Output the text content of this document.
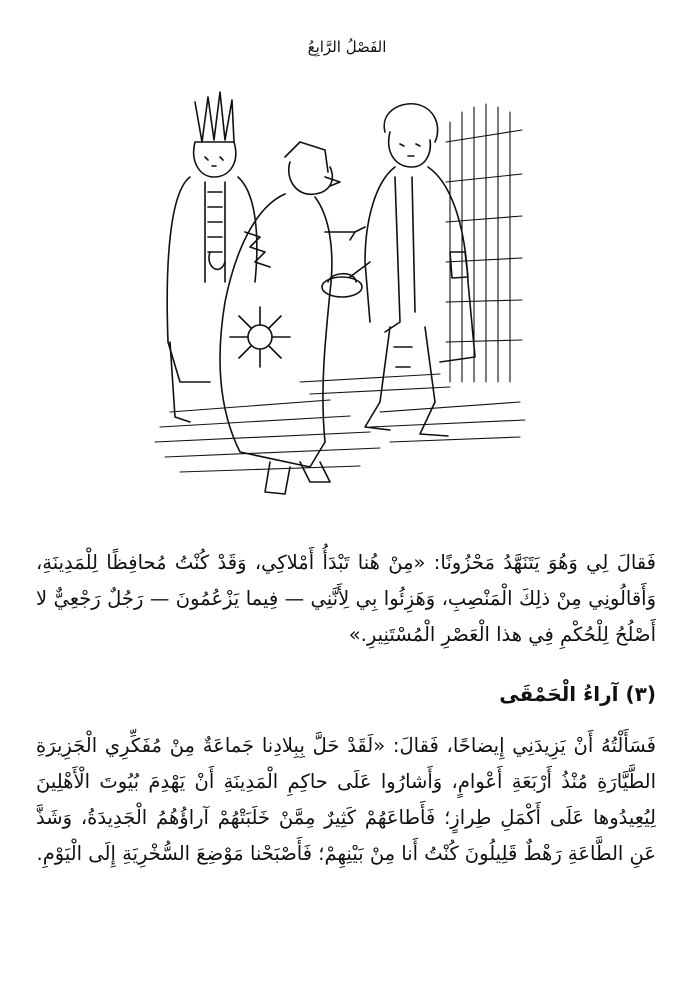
الفَصْلُ الرَّابِعُ

فَقالَ لِي وَهُوَ يَتَنَهَّدُ مَحْزُونًا: «مِنْ هُنا تَبْدَأُ أَمْلاكِي، وَقَدْ كُنْتُ مُحافِظًا لِلْمَدِينَةِ، وَأَقالُونِي مِنْ ذلِكَ الْمَنْصِبِ، وَهَزِئُوا بِي لِأَنَّنِي — فِيما يَزْعُمُونَ — رَجُلٌ رَجْعِيٌّ لا أَصْلُحُ لِلْحُكْمِ فِي هذا الْعَصْرِ الْمُسْتَنِيرِ.»

(٣) آراءُ الْحَمْقَى

فَسَأَلْتُهُ أَنْ يَزِيدَنِي إِيضاحًا، فَقالَ: «لَقَدْ حَلَّ بِبِلادِنا جَماعَةٌ مِنْ مُفَكِّرِي الْجَزِيرَةِ الطَّيَّارَةِ مُنْذُ أَرْبَعَةِ أَعْوامٍ، وَأَشارُوا عَلَى حاكِمِ الْمَدِينَةِ أَنْ يَهْدِمَ بُيُوتَ الْأَهْلِينَ لِيُعِيدُوها عَلَى أَكْمَلِ طِرازٍ؛ فَأَطاعَهُمْ كَثِيرٌ مِمَّنْ خَلَبَتْهُمْ آراؤُهُمُ الْجَدِيدَةُ، وَشَذَّ عَنِ الطَّاعَةِ رَهْطٌ قَلِيلُونَ كُنْتُ أَنا مِنْ بَيْنِهِمْ؛ فَأَصْبَحْنا مَوْضِعَ السُّخْرِيَةِ إِلَى الْيَوْمِ.
